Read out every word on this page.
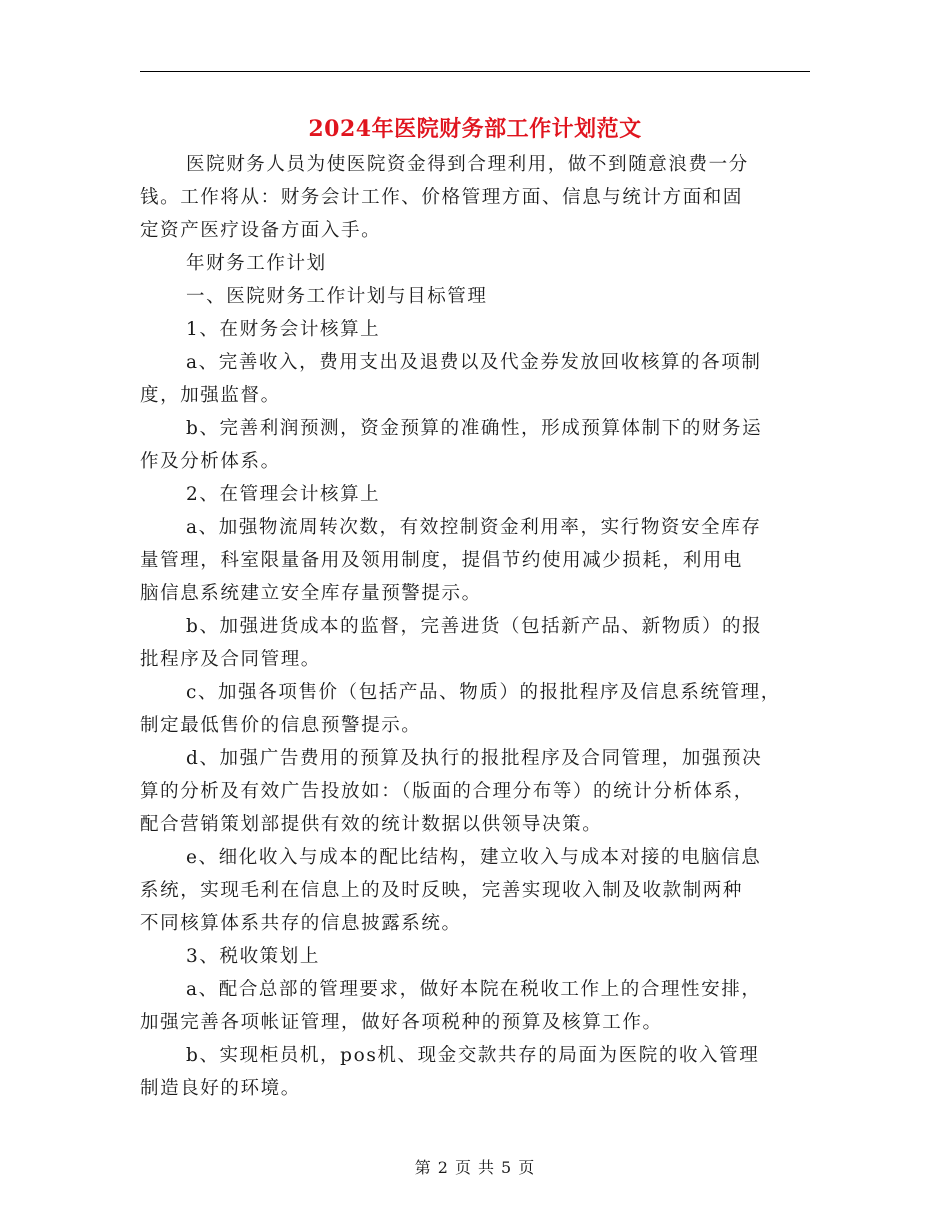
2024年医院财务部工作计划范文

医院财务人员为使医院资金得到合理利用，做不到随意浪费一分
钱。工作将从：财务会计工作、价格管理方面、信息与统计方面和固
定资产医疗设备方面入手。

年财务工作计划

一、医院财务工作计划与目标管理

1、在财务会计核算上

a、完善收入，费用支出及退费以及代金券发放回收核算的各项制
度，加强监督。

b、完善利润预测，资金预算的准确性，形成预算体制下的财务运
作及分析体系。

2、在管理会计核算上

a、加强物流周转次数，有效控制资金利用率，实行物资安全库存
量管理，科室限量备用及领用制度，提倡节约使用减少损耗，利用电
脑信息系统建立安全库存量预警提示。

b、加强进货成本的监督，完善进货（包括新产品、新物质）的报
批程序及合同管理。

c、加强各项售价（包括产品、物质）的报批程序及信息系统管理，
制定最低售价的信息预警提示。

d、加强广告费用的预算及执行的报批程序及合同管理，加强预决
算的分析及有效广告投放如：（版面的合理分布等）的统计分析体系，
配合营销策划部提供有效的统计数据以供领导决策。

e、细化收入与成本的配比结构，建立收入与成本对接的电脑信息
系统，实现毛利在信息上的及时反映，完善实现收入制及收款制两种
不同核算体系共存的信息披露系统。

3、税收策划上

a、配合总部的管理要求，做好本院在税收工作上的合理性安排，
加强完善各项帐证管理，做好各项税种的预算及核算工作。

b、实现柜员机，pos机、现金交款共存的局面为医院的收入管理
制造良好的环境。

第 2 页 共 5 页
